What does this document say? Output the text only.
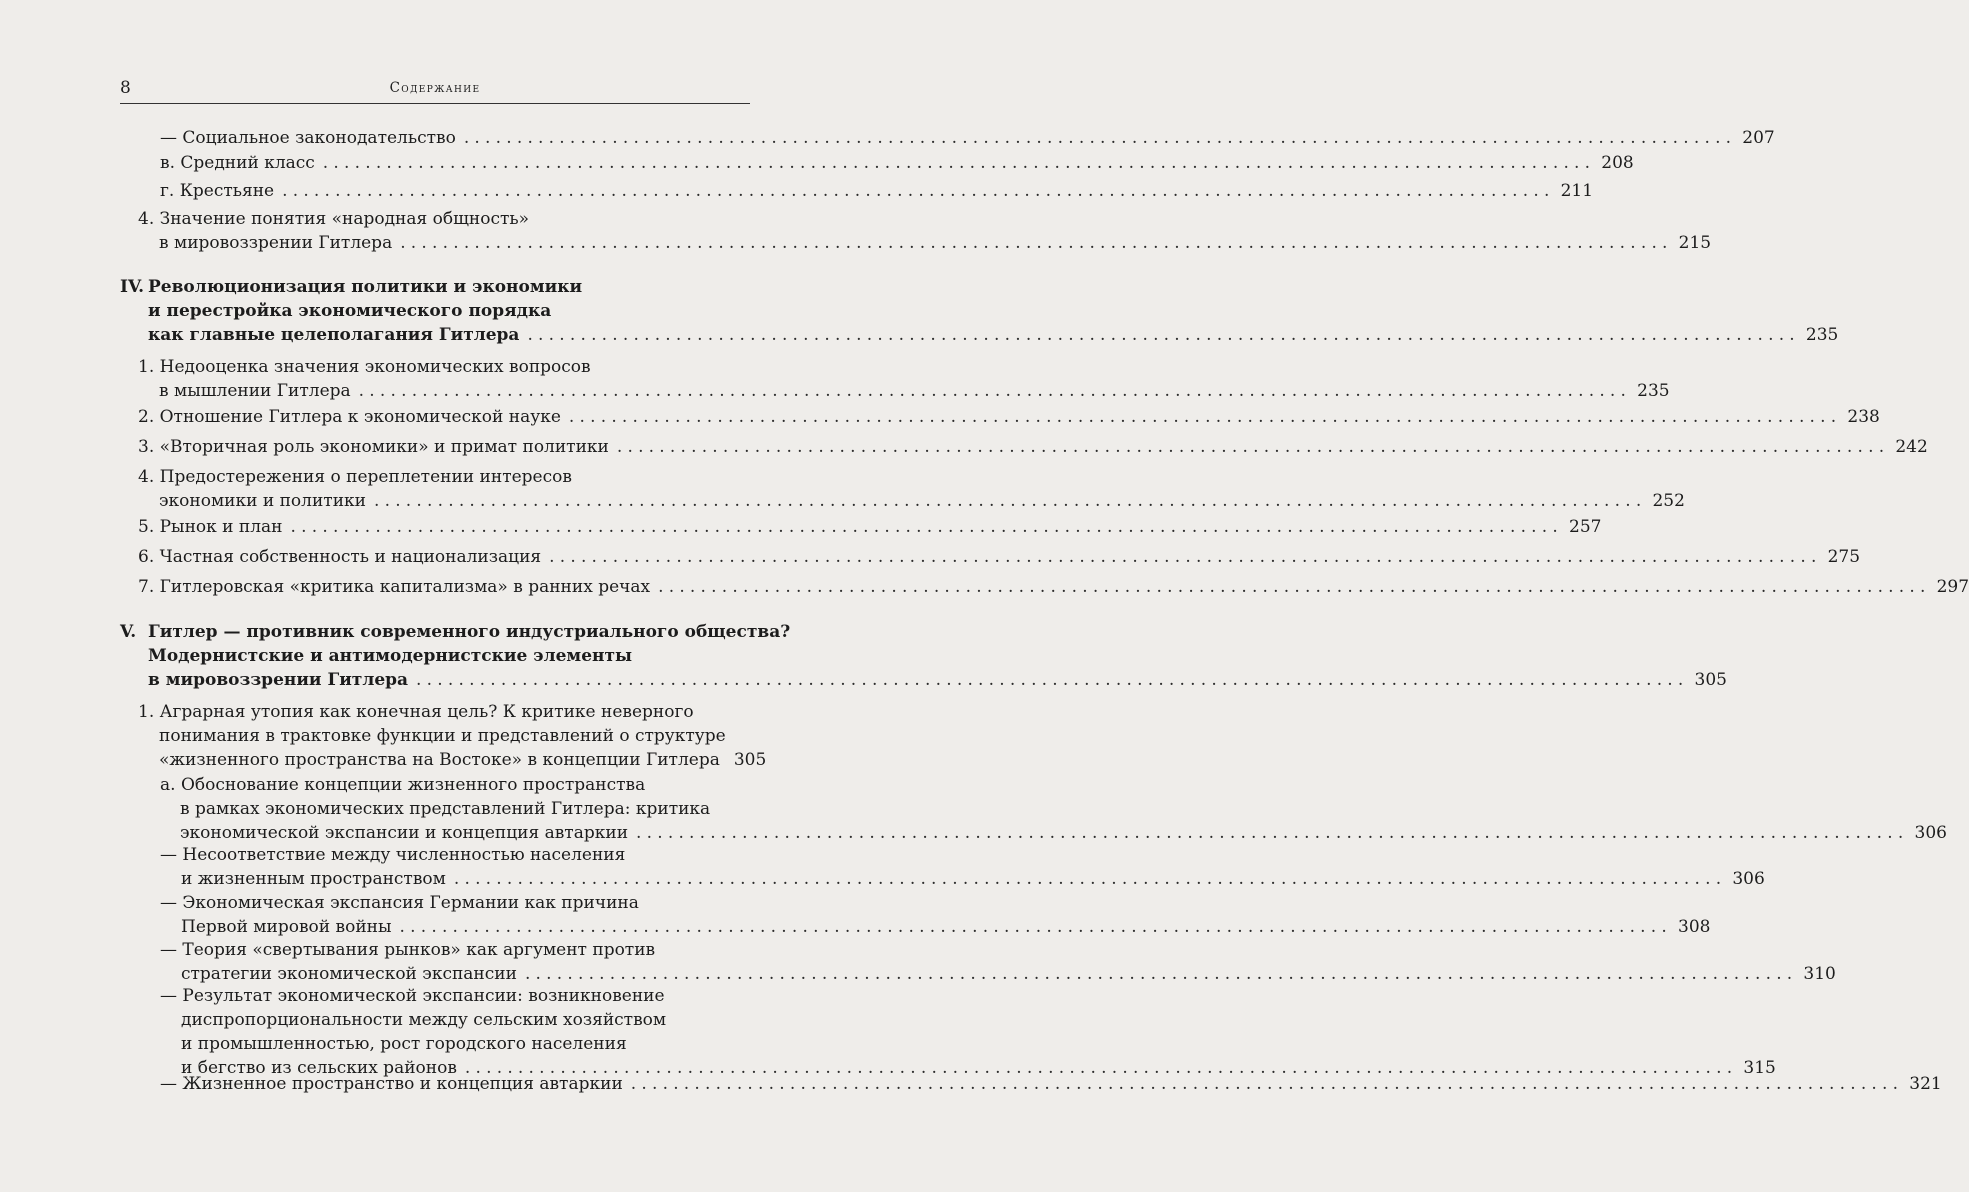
8	Содержание
— Социальное законодательство ........................................................................................................................ 207
в. Средний класс ........................................................................................................................ 208
г. Крестьяне ........................................................................................................................ 211
4. Значение понятия «народная общность»
в мировоззрении Гитлера ........................................................................................................................ 215
IV. Революционизация политики и экономики
и перестройка экономического порядка
как главные целеполагания Гитлера ........................................................................................................................ 235
1. Недооценка значения экономических вопросов
в мышлении Гитлера ........................................................................................................................ 235
2. Отношение Гитлера к экономической науке ........................................................................................................................ 238
3. «Вторичная роль экономики» и примат политики ........................................................................................................................ 242
4. Предостережения о переплетении интересов
экономики и политики ........................................................................................................................ 252
5. Рынок и план ........................................................................................................................ 257
6. Частная собственность и национализация ........................................................................................................................ 275
7. Гитлеровская «критика капитализма» в ранних речах ........................................................................................................................ 297
V. Гитлер — противник современного индустриального общества?
Модернистские и антимодернистские элементы
в мировоззрении Гитлера ........................................................................................................................ 305
1. Аграрная утопия как конечная цель? К критике неверного
понимания в трактовке функции и представлений о структуре
«жизненного пространства на Востоке» в концепции Гитлера 305
а. Обоснование концепции жизненного пространства
в рамках экономических представлений Гитлера: критика
экономической экспансии и концепция автаркии ........................................................................................................................ 306
— Несоответствие между численностью населения
и жизненным пространством ........................................................................................................................ 306
— Экономическая экспансия Германии как причина
Первой мировой войны ........................................................................................................................ 308
— Теория «свертывания рынков» как аргумент против
стратегии экономической экспансии ........................................................................................................................ 310
— Результат экономической экспансии: возникновение
диспропорциональности между сельским хозяйством
и промышленностью, рост городского населения
и бегство из сельских районов ........................................................................................................................ 315
— Жизненное пространство и концепция автаркии ........................................................................................................................ 321
